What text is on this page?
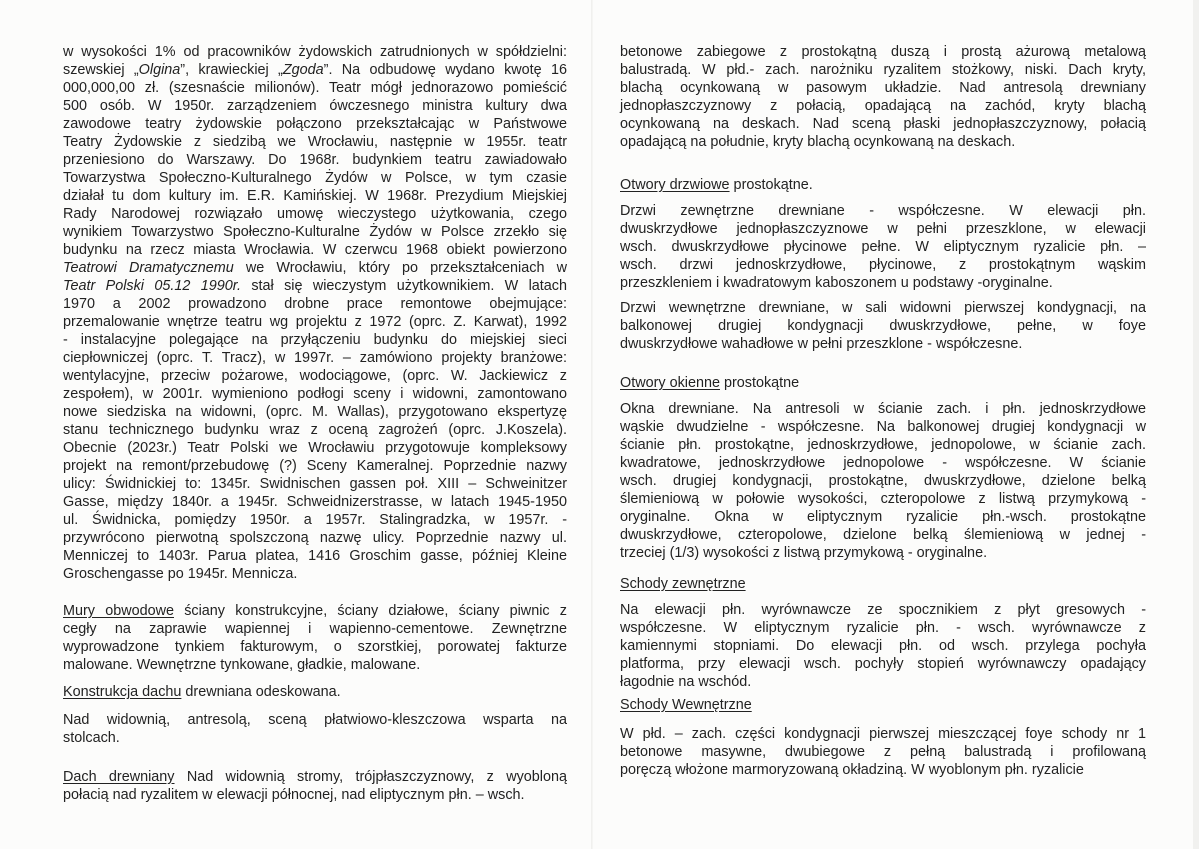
w wysokości 1% od pracowników żydowskich zatrudnionych w spółdzielni:
szewskiej „Olgina”, krawieckiej „Zgoda”. Na odbudowę wydano kwotę 16
000,000,00 zł. (szesnaście milionów). Teatr mógł jednorazowo pomieścić
500 osób. W 1950r. zarządzeniem ówczesnego ministra kultury dwa
zawodowe teatry żydowskie połączono przekształcając w Państwowe
Teatry Żydowskie z siedzibą we Wrocławiu, następnie w 1955r. teatr
przeniesiono do Warszawy. Do 1968r. budynkiem teatru zawiadowało
Towarzystwa Społeczno-Kulturalnego Żydów w Polsce, w tym czasie
działał tu dom kultury im. E.R. Kamińskiej. W 1968r. Prezydium Miejskiej
Rady Narodowej rozwiązało umowę wieczystego użytkowania, czego
wynikiem Towarzystwo Społeczno-Kulturalne Żydów w Polsce zrzekło się
budynku na rzecz miasta Wrocławia. W czerwcu 1968 obiekt powierzono
Teatrowi Dramatycznemu we Wrocławiu, który po przekształceniach w
Teatr Polski 05.12 1990r. stał się wieczystym użytkownikiem. W latach
1970 a 2002 prowadzono drobne prace remontowe obejmujące:
przemalowanie wnętrze teatru wg projektu z 1972 (oprc. Z. Karwat), 1992
- instalacyjne polegające na przyłączeniu budynku do miejskiej sieci
ciepłowniczej (oprc. T. Tracz), w 1997r. – zamówiono projekty branżowe:
wentylacyjne, przeciw pożarowe, wodociągowe, (oprc. W. Jackiewicz z
zespołem), w 2001r. wymieniono podłogi sceny i widowni, zamontowano
nowe siedziska na widowni, (oprc. M. Wallas), przygotowano ekspertyzę
stanu technicznego budynku wraz z oceną zagrożeń (oprc. J.Koszela).
Obecnie (2023r.) Teatr Polski we Wrocławiu przygotowuje kompleksowy
projekt na remont/przebudowę (?) Sceny Kameralnej. Poprzednie nazwy
ulicy: Świdnickiej to: 1345r. Swidnischen gassen poł. XIII – Schweinitzer
Gasse, między 1840r. a 1945r. Schweidnizerstrasse, w latach 1945-1950
ul. Świdnicka, pomiędzy 1950r. a 1957r. Stalingradzka, w 1957r. -
przywrócono pierwotną spolszczoną nazwę ulicy. Poprzednie nazwy ul.
Menniczej to 1403r. Parua platea, 1416 Groschim gasse, później Kleine
Groschengasse po 1945r. Mennicza.
Mury obwodowe ściany konstrukcyjne, ściany działowe, ściany piwnic z
cegły na zaprawie wapiennej i wapienno-cementowe. Zewnętrzne
wyprowadzone tynkiem fakturowym, o szorstkiej, porowatej fakturze
malowane. Wewnętrzne tynkowane, gładkie, malowane.
Konstrukcja dachu drewniana odeskowana.
Nad widownią, antresolą, sceną płatwiowo-kleszczowa wsparta na
stolcach.
Dach drewniany Nad widownią stromy, trójpłaszczyznowy, z wyobloną
połacią nad ryzalitem w elewacji północnej, nad eliptycznym płn. – wsch.
betonowe zabiegowe z prostokątną duszą i prostą ażurową metalową
balustradą. W płd.- zach. narożniku ryzalitem stożkowy, niski. Dach kryty,
blachą ocynkowaną w pasowym układzie. Nad antresolą drewniany
jednopłaszczyznowy z połacią, opadającą na zachód, kryty blachą
ocynkowaną na deskach. Nad sceną płaski jednopłaszczyznowy, połacią
opadającą na południe, kryty blachą ocynkowaną na deskach.
Otwory drzwiowe prostokątne.
Drzwi zewnętrzne drewniane - współczesne. W elewacji płn.
dwuskrzydłowe jednopłaszczyznowe w pełni przeszklone, w elewacji
wsch. dwuskrzydłowe płycinowe pełne. W eliptycznym ryzalicie płn. –
wsch. drzwi jednoskrzydłowe, płycinowe, z prostokątnym wąskim
przeszkleniem i kwadratowym kaboszonem u podstawy -oryginalne.
Drzwi wewnętrzne drewniane, w sali widowni pierwszej kondygnacji, na
balkonowej drugiej kondygnacji dwuskrzydłowe, pełne, w foye
dwuskrzydłowe wahadłowe w pełni przeszklone - współczesne.
Otwory okienne prostokątne
Okna drewniane. Na antresoli w ścianie zach. i płn. jednoskrzydłowe
wąskie dwudzielne - współczesne. Na balkonowej drugiej kondygnacji w
ścianie płn. prostokątne, jednoskrzydłowe, jednopolowe, w ścianie zach.
kwadratowe, jednoskrzydłowe jednopolowe - współczesne. W ścianie
wsch. drugiej kondygnacji, prostokątne, dwuskrzydłowe, dzielone belką
ślemieniową w połowie wysokości, czteropolowe z listwą przymykową -
oryginalne. Okna w eliptycznym ryzalicie płn.-wsch. prostokątne
dwuskrzydłowe, czteropolowe, dzielone belką ślemieniową w jednej -
trzeciej (1/3) wysokości z listwą przymykową - oryginalne.
Schody zewnętrzne
Na elewacji płn. wyrównawcze ze spocznikiem z płyt gresowych -
współczesne. W eliptycznym ryzalicie płn. - wsch. wyrównawcze z
kamiennymi stopniami. Do elewacji płn. od wsch. przylega pochyła
platforma, przy elewacji wsch. pochyły stopień wyrównawczy opadający
łagodnie na wschód.
Schody Wewnętrzne
W płd. – zach. części kondygnacji pierwszej mieszczącej foye schody nr 1
betonowe masywne, dwubiegowe z pełną balustradą i profilowaną
poręczą włożone marmoryzowaną okładziną. W wyoblonym płn. ryzalicie
